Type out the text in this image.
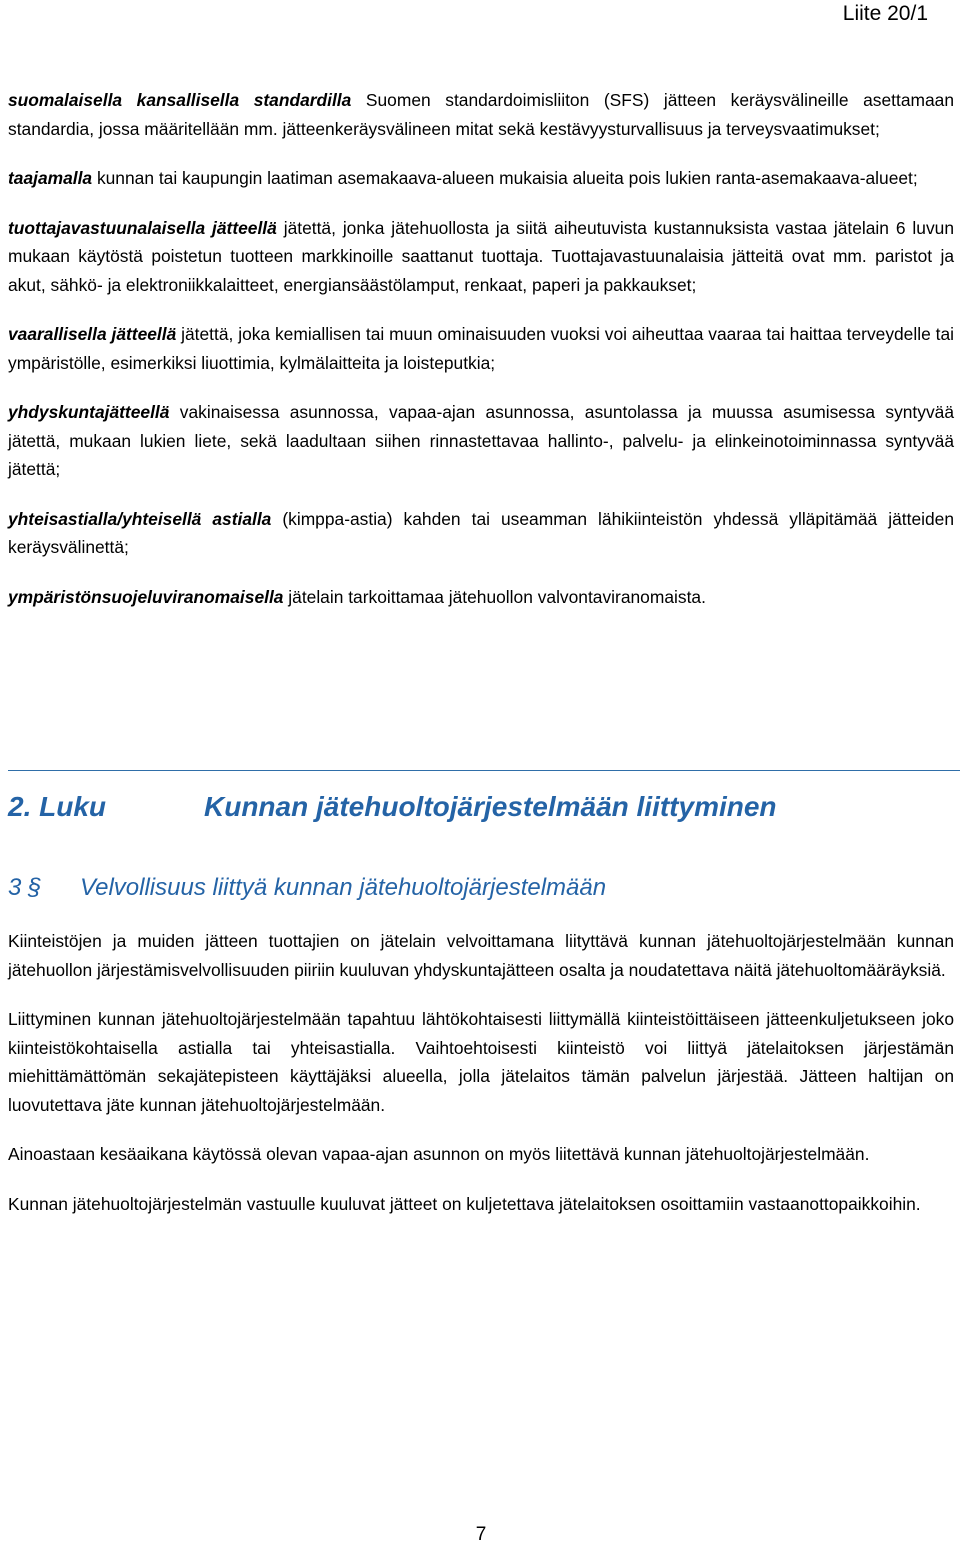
Liite 20/1

suomalaisella kansallisella standardilla Suomen standardoimisliiton (SFS) jätteen keräysvälineille asettamaan standardia, jossa määritellään mm. jätteenkeräysvälineen mitat sekä kestävyysturvallisuus ja terveysvaatimukset;

taajamalla kunnan tai kaupungin laatiman asemakaava-alueen mukaisia alueita pois lukien ranta-asemakaava-alueet;

tuottajavastuunalaisella jätteellä jätettä, jonka jätehuollosta ja siitä aiheutuvista kustannuksista vastaa jätelain 6 luvun mukaan käytöstä poistetun tuotteen markkinoille saattanut tuottaja. Tuottajavastuunalaisia jätteitä ovat mm. paristot ja akut, sähkö- ja elektroniikkalaitteet, energiansäästölamput, renkaat, paperi ja pakkaukset;

vaarallisella jätteellä jätettä, joka kemiallisen tai muun ominaisuuden vuoksi voi aiheuttaa vaaraa tai haittaa terveydelle tai ympäristölle, esimerkiksi liuottimia, kylmälaitteita ja loisteputkia;

yhdyskuntajätteellä vakinaisessa asunnossa, vapaa-ajan asunnossa, asuntolassa ja muussa asumisessa syntyvää jätettä, mukaan lukien liete, sekä laadultaan siihen rinnastettavaa hallinto-, palvelu- ja elinkeinotoiminnassa syntyvää jätettä;

yhteisastialla/yhteisellä astialla (kimppa-astia) kahden tai useamman lähikiinteistön yhdessä ylläpitämää jätteiden keräysvälinettä;

ympäristönsuojeluviranomaisella jätelain tarkoittamaa jätehuollon valvontaviranomaista.

2. Luku	Kunnan jätehuoltojärjestelmään liittyminen
3 § Velvollisuus liittyä kunnan jätehuoltojärjestelmään

Kiinteistöjen ja muiden jätteen tuottajien on jätelain velvoittamana liityttävä kunnan jätehuoltojärjestelmään kunnan jätehuollon järjestämisvelvollisuuden piiriin kuuluvan yhdyskuntajätteen osalta ja noudatettava näitä jätehuoltomääräyksiä.

Liittyminen kunnan jätehuoltojärjestelmään tapahtuu lähtökohtaisesti liittymällä kiinteistöittäiseen jätteenkuljetukseen joko kiinteistökohtaisella astialla tai yhteisastialla. Vaihtoehtoisesti kiinteistö voi liittyä jätelaitoksen järjestämän miehittämättömän sekajätepisteen käyttäjäksi alueella, jolla jätelaitos tämän palvelun järjestää. Jätteen haltijan on luovutettava jäte kunnan jätehuoltojärjestelmään.

Ainoastaan kesäaikana käytössä olevan vapaa-ajan asunnon on myös liitettävä kunnan jätehuoltojärjestelmään.

Kunnan jätehuoltojärjestelmän vastuulle kuuluvat jätteet on kuljetettava jätelaitoksen osoittamiin vastaanottopaikkoihin.

7
